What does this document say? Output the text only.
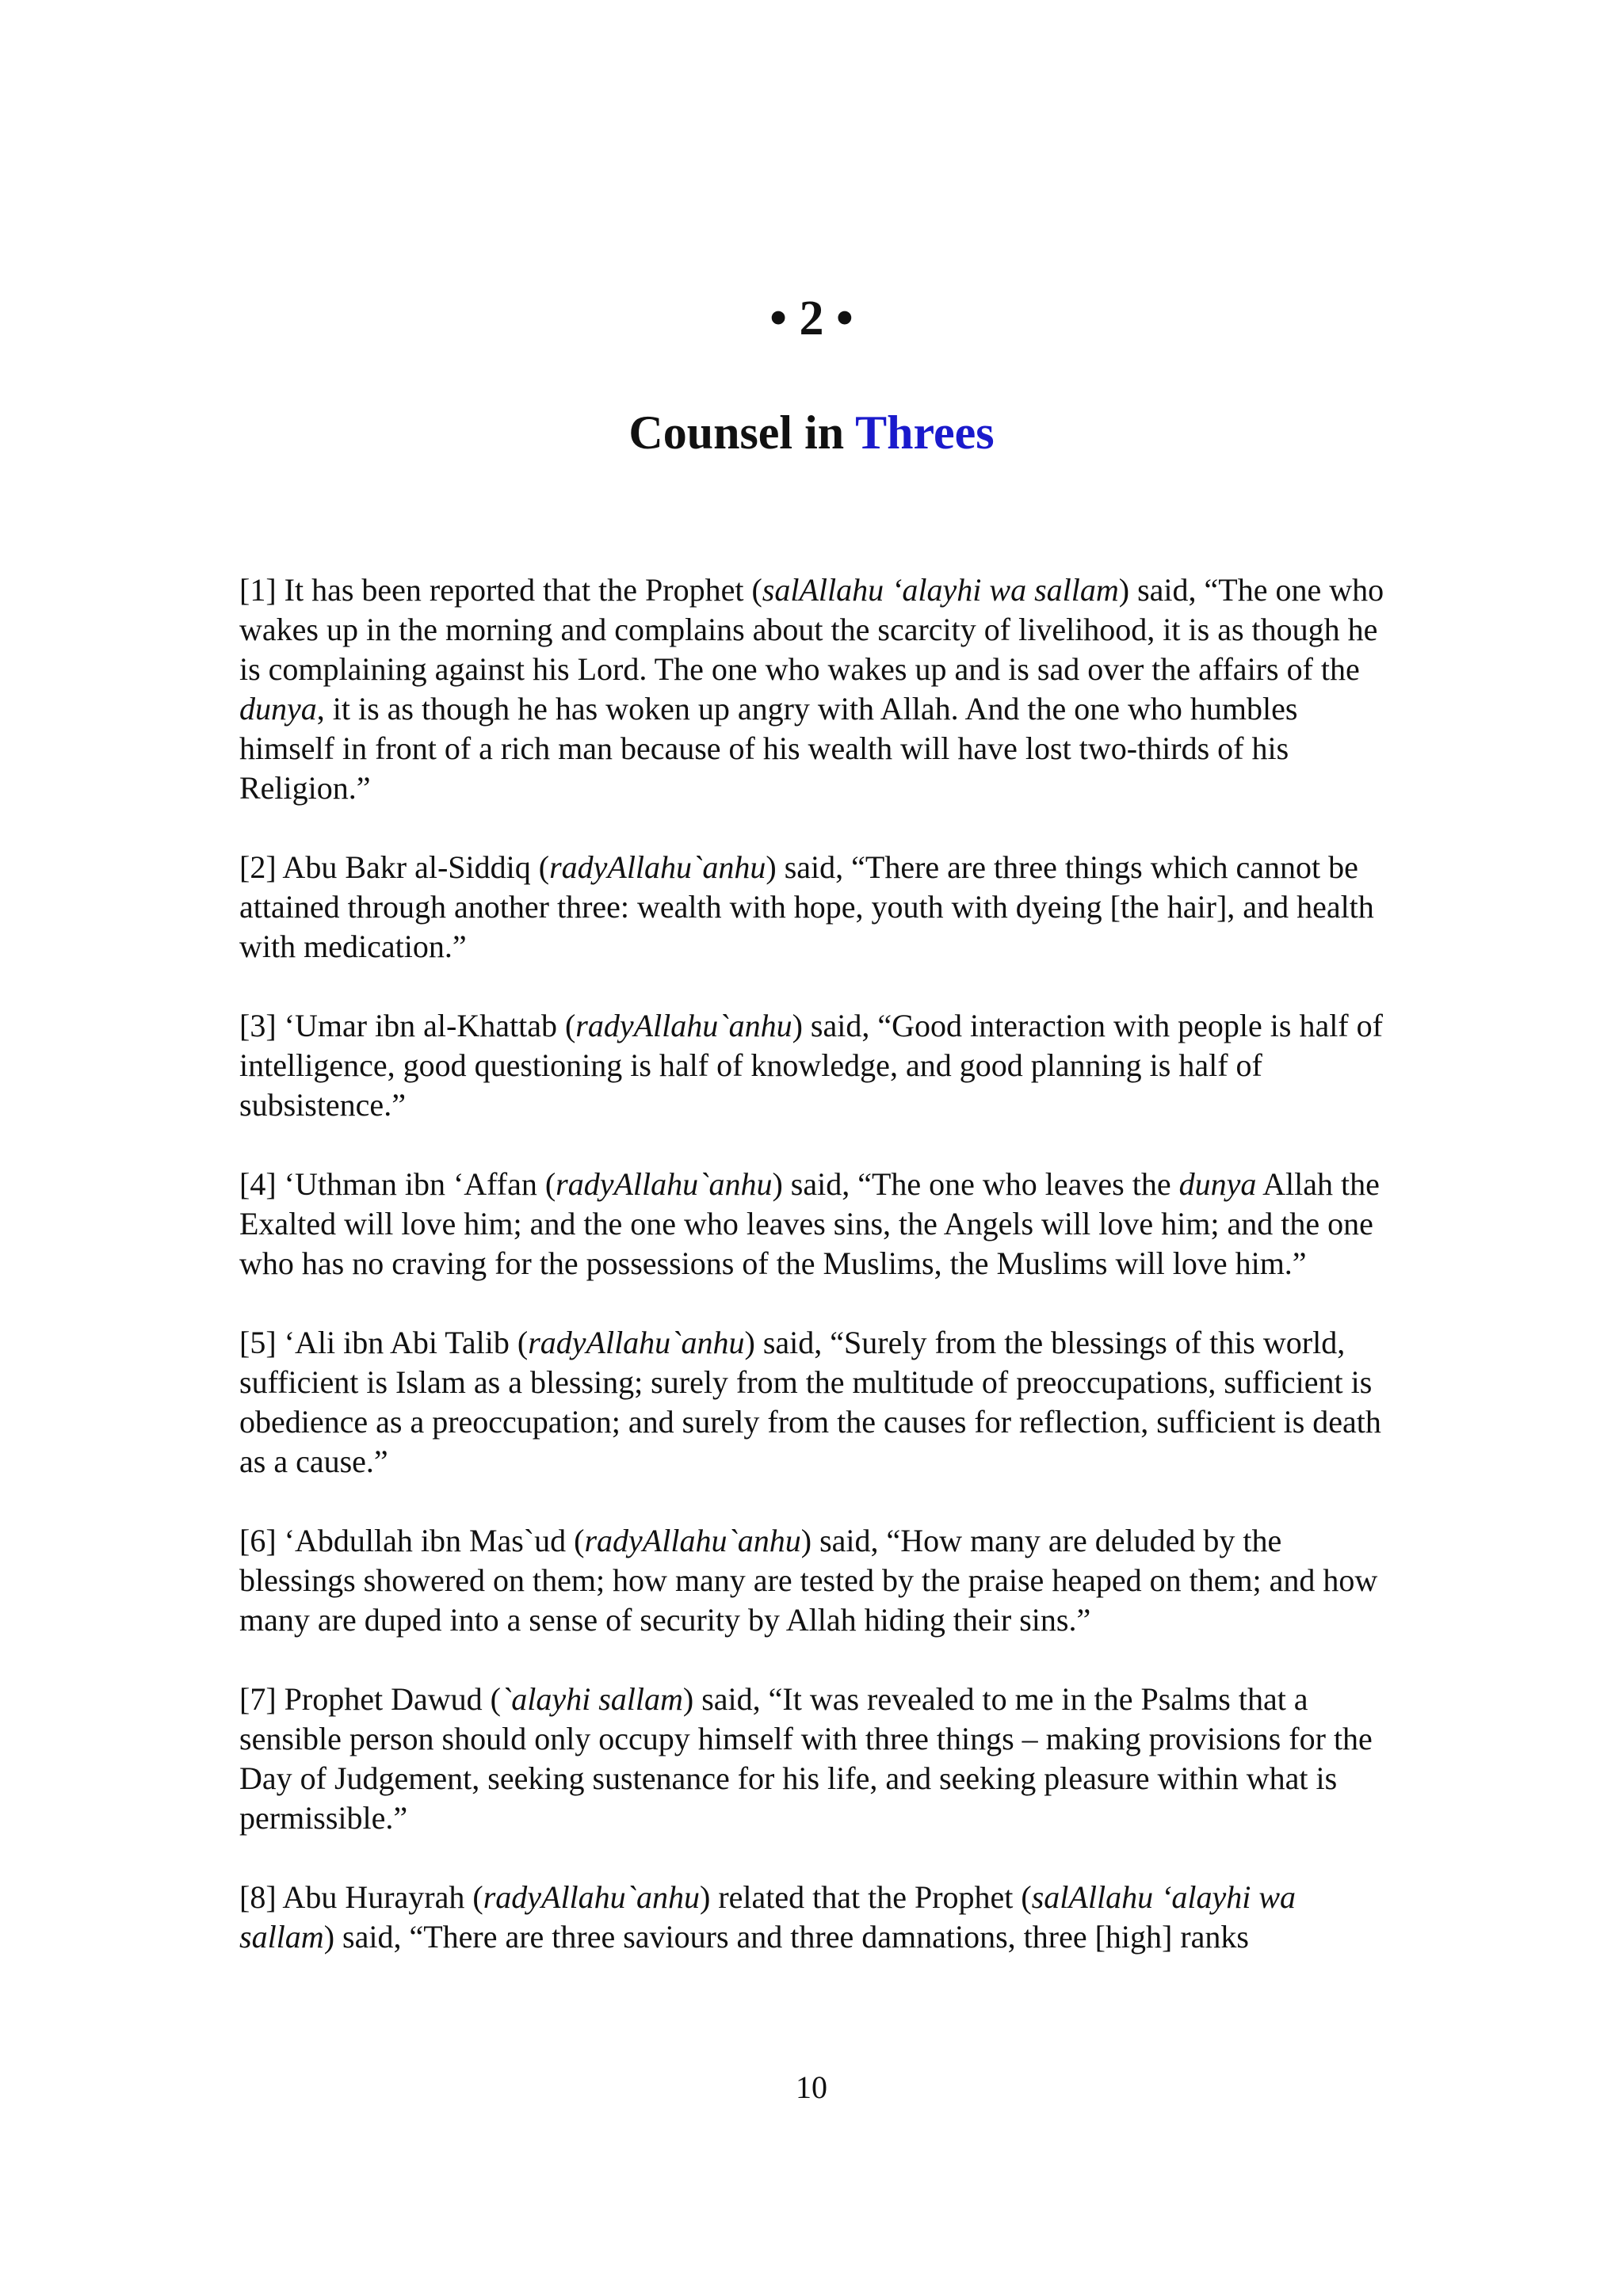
• 2 •
Counsel in Threes

[1] It has been reported that the Prophet (salAllahu ‘alayhi wa sallam) said, “The one who wakes up in the morning and complains about the scarcity of livelihood, it is as though he is complaining against his Lord. The one who wakes up and is sad over the affairs of the dunya, it is as though he has woken up angry with Allah. And the one who humbles himself in front of a rich man because of his wealth will have lost two-thirds of his Religion.”

[2] Abu Bakr al-Siddiq (radyAllahu`anhu) said, “There are three things which cannot be attained through another three: wealth with hope, youth with dyeing [the hair], and health with medication.”

[3] ‘Umar ibn al-Khattab (radyAllahu`anhu) said, “Good interaction with people is half of intelligence, good questioning is half of knowledge, and good planning is half of subsistence.”

[4] ‘Uthman ibn ‘Affan (radyAllahu`anhu) said, “The one who leaves the dunya Allah the Exalted will love him; and the one who leaves sins, the Angels will love him; and the one who has no craving for the possessions of the Muslims, the Muslims will love him.”

[5] ‘Ali ibn Abi Talib (radyAllahu`anhu) said, “Surely from the blessings of this world, sufficient is Islam as a blessing; surely from the multitude of preoccupations, sufficient is obedience as a preoccupation; and surely from the causes for reflection, sufficient is death as a cause.”

[6] ‘Abdullah ibn Mas`ud (radyAllahu`anhu) said, “How many are deluded by the blessings showered on them; how many are tested by the praise heaped on them; and how many are duped into a sense of security by Allah hiding their sins.”

[7] Prophet Dawud (`alayhi sallam) said, “It was revealed to me in the Psalms that a sensible person should only occupy himself with three things – making provisions for the Day of Judgement, seeking sustenance for his life, and seeking pleasure within what is permissible.”

[8] Abu Hurayrah (radyAllahu`anhu) related that the Prophet (salAllahu ‘alayhi wa sallam) said, “There are three saviours and three damnations, three [high] ranks

10
